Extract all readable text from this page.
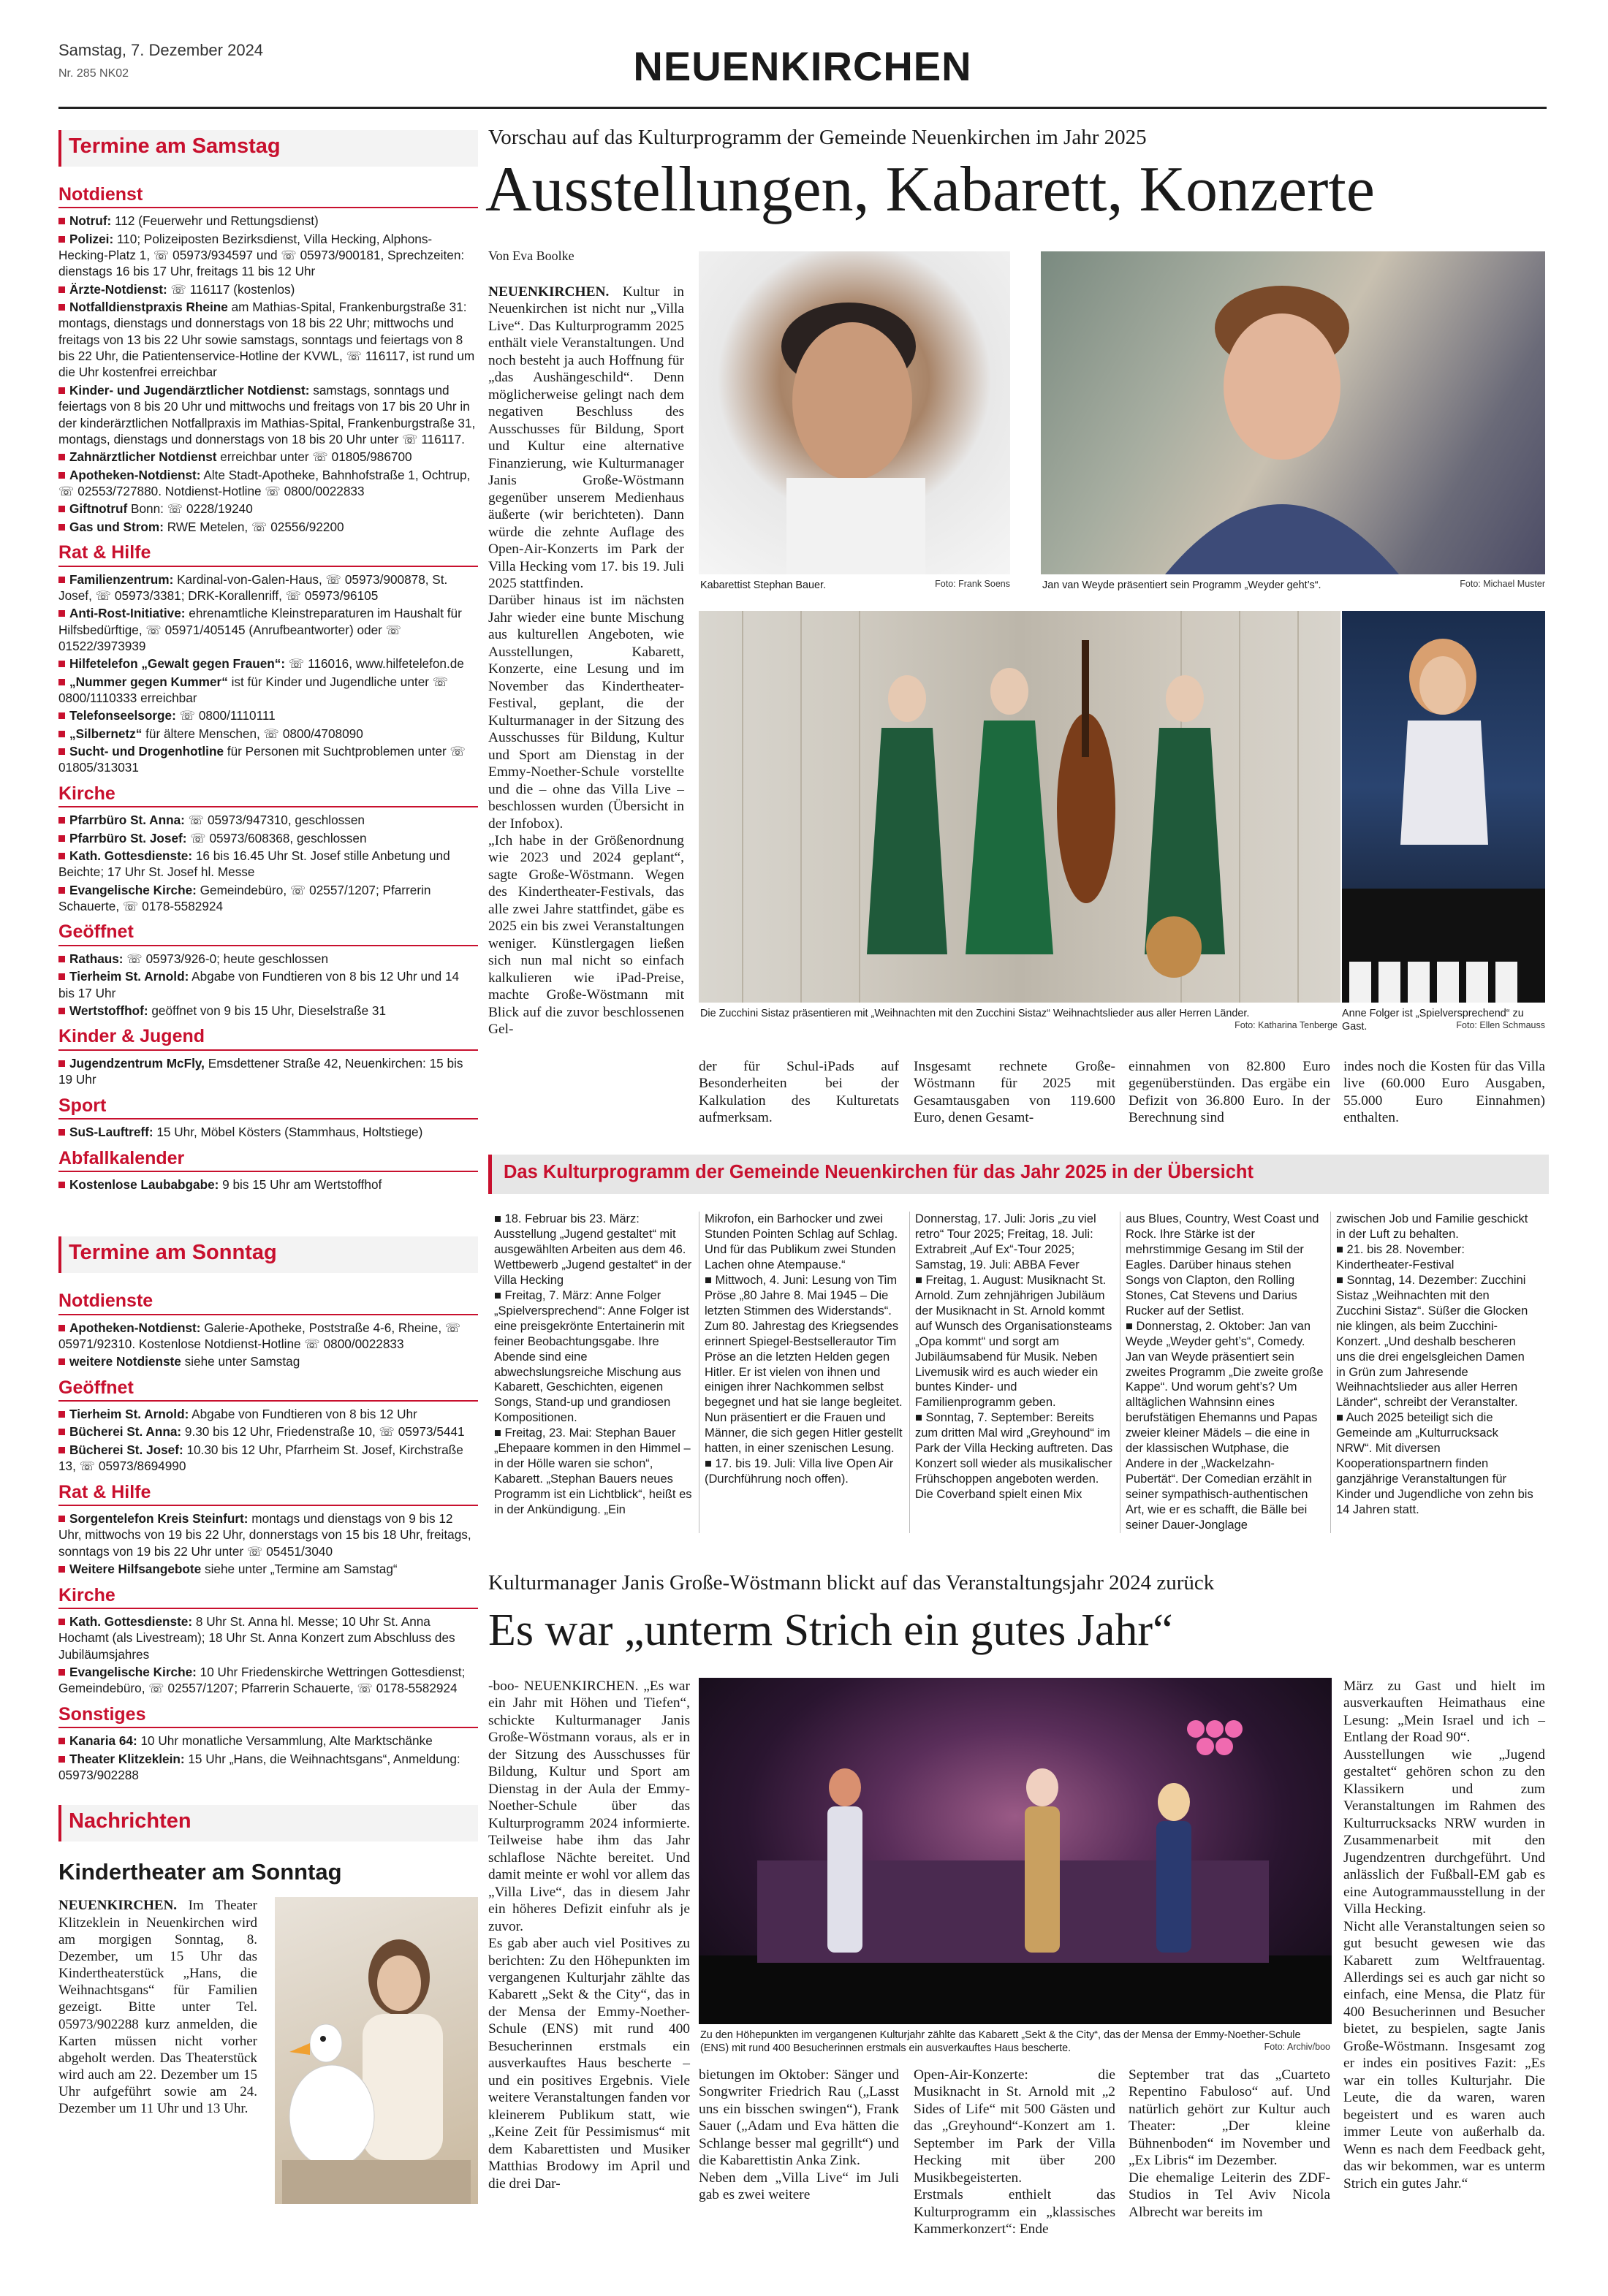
Samstag, 7. Dezember 2024
Nr. 285 NK02	NEUENKIRCHEN
Termine am Samstag
Notdienst
Notruf: 112 (Feuerwehr und Rettungsdienst)
Polizei: 110; Polizeiposten Bezirksdienst, Villa Hecking, Alphons-Hecking-Platz 1, ☏ 05973/934597 und ☏ 05973/900181, Sprechzeiten: dienstags 16 bis 17 Uhr, freitags 11 bis 12 Uhr
Ärzte-Notdienst: ☏ 116117 (kostenlos)
Notfalldienstpraxis Rheine am Mathias-Spital, Frankenburgstraße 31: montags, dienstags und donnerstags von 18 bis 22 Uhr; mittwochs und freitags von 13 bis 22 Uhr sowie samstags, sonntags und feiertags von 8 bis 22 Uhr, die Patientenservice-Hotline der KVWL, ☏ 116117, ist rund um die Uhr kostenfrei erreichbar
Kinder- und Jugendärztlicher Notdienst: samstags, sonntags und feiertags von 8 bis 20 Uhr und mittwochs und freitags von 17 bis 20 Uhr in der kinderärztlichen Notfallpraxis im Mathias-Spital, Frankenburgstraße 31, montags, dienstags und donnerstags von 18 bis 20 Uhr unter ☏ 116117.
Zahnärztlicher Notdienst erreichbar unter ☏ 01805/986700
Apotheken-Notdienst: Alte Stadt-Apotheke, Bahnhofstraße 1, Ochtrup, ☏ 02553/727880. Notdienst-Hotline ☏ 0800/0022833
Giftnotruf Bonn: ☏ 0228/19240
Gas und Strom: RWE Metelen, ☏ 02556/92200
Rat & Hilfe
Familienzentrum: Kardinal-von-Galen-Haus, ☏ 05973/900878, St. Josef, ☏ 05973/3381; DRK-Korallenriff, ☏ 05973/96105
Anti-Rost-Initiative: ehrenamtliche Kleinstreparaturen im Haushalt für Hilfsbedürftige, ☏ 05971/405145 (Anrufbeantworter) oder ☏ 01522/3973939
Hilfetelefon „Gewalt gegen Frauen“: ☏ 116016, www.hilfetelefon.de
„Nummer gegen Kummer“ ist für Kinder und Jugendliche unter ☏ 0800/1110333 erreichbar
Telefonseelsorge: ☏ 0800/1110111
„Silbernetz“ für ältere Menschen, ☏ 0800/4708090
Sucht- und Drogenhotline für Personen mit Suchtproblemen unter ☏ 01805/313031
Kirche
Pfarrbüro St. Anna: ☏ 05973/947310, geschlossen
Pfarrbüro St. Josef: ☏ 05973/608368, geschlossen
Kath. Gottesdienste: 16 bis 16.45 Uhr St. Josef stille Anbetung und Beichte; 17 Uhr St. Josef hl. Messe
Evangelische Kirche: Gemeindebüro, ☏ 02557/1207; Pfarrerin Schauerte, ☏ 0178-5582924
Geöffnet
Rathaus: ☏ 05973/926-0; heute geschlossen
Tierheim St. Arnold: Abgabe von Fundtieren von 8 bis 12 Uhr und 14 bis 17 Uhr
Wertstoffhof: geöffnet von 9 bis 15 Uhr, Dieselstraße 31
Kinder & Jugend
Jugendzentrum McFly, Emsdettener Straße 42, Neuenkirchen: 15 bis 19 Uhr
Sport
SuS-Lauftreff: 15 Uhr, Möbel Kösters (Stammhaus, Holtstiege)
Abfallkalender
Kostenlose Laubabgabe: 9 bis 15 Uhr am Wertstoffhof
Termine am Sonntag
Notdienste
Apotheken-Notdienst: Galerie-Apotheke, Poststraße 4-6, Rheine, ☏ 05971/92310. Kostenlose Notdienst-Hotline ☏ 0800/0022833
weitere Notdienste siehe unter Samstag
Geöffnet
Tierheim St. Arnold: Abgabe von Fundtieren von 8 bis 12 Uhr
Bücherei St. Anna: 9.30 bis 12 Uhr, Friedenstraße 10, ☏ 05973/5441
Bücherei St. Josef: 10.30 bis 12 Uhr, Pfarrheim St. Josef, Kirchstraße 13, ☏ 05973/8694990
Rat & Hilfe
Sorgentelefon Kreis Steinfurt: montags und dienstags von 9 bis 12 Uhr, mittwochs von 19 bis 22 Uhr, donnerstags von 15 bis 18 Uhr, freitags, sonntags von 19 bis 22 Uhr unter ☏ 05451/3040
Weitere Hilfsangebote siehe unter „Termine am Samstag“
Kirche
Kath. Gottesdienste: 8 Uhr St. Anna hl. Messe; 10 Uhr St. Anna Hochamt (als Livestream); 18 Uhr St. Anna Konzert zum Abschluss des Jubiläumsjahres
Evangelische Kirche: 10 Uhr Friedenskirche Wettringen Gottesdienst; Gemeindebüro, ☏ 02557/1207; Pfarrerin Schauerte, ☏ 0178-5582924
Sonstiges
Kanaria 64: 10 Uhr monatliche Versammlung, Alte Marktschänke
Theater Klitzeklein: 15 Uhr „Hans, die Weihnachtsgans“, Anmeldung: 05973/902288
Nachrichten
Kindertheater am Sonntag
NEUENKIRCHEN. Im Theater Klitzeklein in Neuenkirchen wird am morgigen Sonntag, 8. Dezember, um 15 Uhr das Kindertheaterstück „Hans, die Weihnachtsgans“ für Familien gezeigt. Bitte unter Tel. 05973/902288 kurz anmelden, die Karten müssen nicht vorher abgeholt werden. Das Theaterstück wird auch am 22. Dezember um 15 Uhr aufgeführt sowie am 24. Dezember um 11 Uhr und 13 Uhr.
Vorschau auf das Kulturprogramm der Gemeinde Neuenkirchen im Jahr 2025
Ausstellungen, Kabarett, Konzerte
Von Eva Boolke
NEUENKIRCHEN. Kultur in Neuenkirchen ist nicht nur „Villa Live“. Das Kulturprogramm 2025 enthält viele Veranstaltungen. Und noch besteht ja auch Hoffnung für „das Aushängeschild“. Denn möglicherweise gelingt nach dem negativen Beschluss des Ausschusses für Bildung, Sport und Kultur eine alternative Finanzierung, wie Kulturmanager Janis Große-Wöstmann gegenüber unserem Medienhaus äußerte (wir berichteten). Dann würde die zehnte Auflage des Open-Air-Konzerts im Park der Villa Hecking vom 17. bis 19. Juli 2025 stattfinden.
Darüber hinaus ist im nächsten Jahr wieder eine bunte Mischung aus kulturellen Angeboten, wie Ausstellungen, Kabarett, Konzerte, eine Lesung und im November das Kindertheater-Festival, geplant, die der Kulturmanager in der Sitzung des Ausschusses für Bildung, Kultur und Sport am Dienstag in der Emmy-Noether-Schule vorstellte und die – ohne das Villa Live – beschlossen wurden (Übersicht in der Infobox).
„Ich habe in der Größenordnung wie 2023 und 2024 geplant“, sagte Große-Wöstmann. Wegen des Kindertheater-Festivals, das alle zwei Jahre stattfindet, gäbe es 2025 ein bis zwei Veranstaltungen weniger. Künstlergagen ließen sich nun mal nicht so einfach kalkulieren wie iPad-Preise, machte Große-Wöstmann mit Blick auf die zuvor beschlossenen Gel-
Foto: Frank Soens
Kabarettist Stephan Bauer.	Foto: Michael Muster
Jan van Weyde präsentiert sein Programm „Weyder geht’s“.
Die Zucchini Sistaz präsentieren mit „Weihnachten mit den Zucchini Sistaz“ Weihnachtslieder aus aller Herren Länder.
Foto: Katharina Tenberge
Anne Folger ist „Spielversprechend“ zu Gast.	Foto: Ellen Schmauss
der für Schul-iPads auf Besonderheiten bei der Kalkulation des Kulturetats aufmerksam.
Insgesamt rechnete Große-Wöstmann für 2025 mit Gesamtausgaben von 119.600 Euro, denen Gesamt-
einnahmen von 82.800 Euro gegenüberstünden. Das ergäbe ein Defizit von 36.800 Euro. In der Berechnung sind
indes noch die Kosten für das Villa live (60.000 Euro Ausgaben, 55.000 Euro Einnahmen) enthalten.
Das Kulturprogramm der Gemeinde Neuenkirchen für das Jahr 2025 in der Übersicht
■ 18. Februar bis 23. März: Ausstellung „Jugend gestaltet“ mit ausgewählten Arbeiten aus dem 46. Wettbewerb „Jugend gestaltet“ in der Villa Hecking
■ Freitag, 7. März: Anne Folger „Spielversprechend“: Anne Folger ist eine preisgekrönte Entertainerin mit feiner Beobachtungsgabe. Ihre Abende sind eine abwechslungsreiche Mischung aus Kabarett, Geschichten, eigenen Songs, Stand-up und grandiosen Kompositionen.
■ Freitag, 23. Mai: Stephan Bauer „Ehepaare kommen in den Himmel – in der Hölle waren sie schon“, Kabarett. „Stephan Bauers neues Programm ist ein Lichtblick“, heißt es in der Ankündigung. „Ein
Mikrofon, ein Barhocker und zwei Stunden Pointen Schlag auf Schlag. Und für das Publikum zwei Stunden Lachen ohne Atempause.“
■ Mittwoch, 4. Juni: Lesung von Tim Pröse „80 Jahre 8. Mai 1945 – Die letzten Stimmen des Widerstands“. Zum 80. Jahrestag des Kriegsendes erinnert Spiegel-Bestsellerautor Tim Pröse an die letzten Helden gegen Hitler. Er ist vielen von ihnen und einigen ihrer Nachkommen selbst begegnet und hat sie lange begleitet. Nun präsentiert er die Frauen und Männer, die sich gegen Hitler gestellt hatten, in einer szenischen Lesung.
■ 17. bis 19. Juli: Villa live Open Air (Durchführung noch offen).
Donnerstag, 17. Juli: Joris „zu viel retro“ Tour 2025; Freitag, 18. Juli: Extrabreit „Auf Ex“-Tour 2025; Samstag, 19. Juli: ABBA Fever
■ Freitag, 1. August: Musiknacht St. Arnold. Zum zehnjährigen Jubiläum der Musiknacht in St. Arnold kommt auf Wunsch des Organisationsteams „Opa kommt“ und sorgt am Jubiläumsabend für Musik. Neben Livemusik wird es auch wieder ein buntes Kinder- und Familienprogramm geben.
■ Sonntag, 7. September: Bereits zum dritten Mal wird „Greyhound“ im Park der Villa Hecking auftreten. Das Konzert soll wieder als musikalischer Frühschoppen angeboten werden. Die Coverband spielt einen Mix
aus Blues, Country, West Coast und Rock. Ihre Stärke ist der mehrstimmige Gesang im Stil der Eagles. Darüber hinaus stehen Songs von Clapton, den Rolling Stones, Cat Stevens und Darius Rucker auf der Setlist.
■ Donnerstag, 2. Oktober: Jan van Weyde „Weyder geht’s“, Comedy. Jan van Weyde präsentiert sein zweites Programm „Die zweite große Kappe“. Und worum geht’s? Um alltäglichen Wahnsinn eines berufstätigen Ehemanns und Papas zweier kleiner Mädels – die eine in der klassischen Wutphase, die Andere in der „Wackelzahn-Pubertät“. Der Comedian erzählt in seiner sympathisch-authentischen Art, wie er es schafft, die Bälle bei seiner Dauer-Jonglage
zwischen Job und Familie geschickt in der Luft zu behalten.
■ 21. bis 28. November: Kindertheater-Festival
■ Sonntag, 14. Dezember: Zucchini Sistaz „Weihnachten mit den Zucchini Sistaz“. Süßer die Glocken nie klingen, als beim Zucchini-Konzert. „Und deshalb bescheren uns die drei engelsgleichen Damen in Grün zum Jahresende Weihnachtslieder aus aller Herren Länder“, schreibt der Veranstalter.
■ Auch 2025 beteiligt sich die Gemeinde am „Kulturrucksack NRW“. Mit diversen Kooperationspartnern finden ganzjährige Veranstaltungen für Kinder und Jugendliche von zehn bis 14 Jahren statt.
Kulturmanager Janis Große-Wöstmann blickt auf das Veranstaltungsjahr 2024 zurück
Es war „unterm Strich ein gutes Jahr“
-boo- NEUENKIRCHEN. „Es war ein Jahr mit Höhen und Tiefen“, schickte Kulturmanager Janis Große-Wöstmann voraus, als er in der Sitzung des Ausschusses für Bildung, Kultur und Sport am Dienstag in der Aula der Emmy-Noether-Schule über das Kulturprogramm 2024 informierte. Teilweise habe ihm das Jahr schlaflose Nächte bereitet. Und damit meinte er wohl vor allem das „Villa Live“, das in diesem Jahr ein höheres Defizit einfuhr als je zuvor.
Es gab aber auch viel Positives zu berichten: Zu den Höhepunkten im vergangenen Kulturjahr zählte das Kabarett „Sekt & the City“, das in der Mensa der Emmy-Noether-Schule (ENS) mit rund 400 Besucherinnen erstmals ein ausverkauftes Haus bescherte – und ein positives Ergebnis. Viele weitere Veranstaltungen fanden vor kleinerem Publikum statt, wie „Keine Zeit für Pessimismus“ mit dem Kabarettisten und Musiker Matthias Brodowy im April und die drei Dar-
Zu den Höhepunkten im vergangenen Kulturjahr zählte das Kabarett „Sekt & the City“, das der Mensa der Emmy-Noether-Schule (ENS) mit rund 400 Besucherinnen erstmals ein ausverkauftes Haus bescherte.	Foto: Archiv/boo
bietungen im Oktober: Sänger und Songwriter Friedrich Rau („Lasst uns ein bisschen swingen“), Frank Sauer („Adam und Eva hätten die Schlange besser mal gegrillt“) und die Kabarettistin Anka Zink.
Neben dem „Villa Live“ im Juli gab es zwei weitere
Open-Air-Konzerte: die Musiknacht in St. Arnold mit „2 Sides of Life“ mit 500 Gästen und das „Greyhound“-Konzert am 1. September im Park der Villa Hecking mit über 200 Musikbegeisterten.
Erstmals enthielt das Kulturprogramm ein „klassisches Kammerkonzert“: Ende
September trat das „Cuarteto Repentino Fabuloso“ auf. Und natürlich gehört zur Kultur auch Theater: „Der kleine Bühnenboden“ im November und „Ex Libris“ im Dezember.
Die ehemalige Leiterin des ZDF-Studios in Tel Aviv Nicola Albrecht war bereits im
März zu Gast und hielt im ausverkauften Heimathaus eine Lesung: „Mein Israel und ich – Entlang der Road 90“.
Ausstellungen wie „Jugend gestaltet“ gehören schon zu den Klassikern und zum Veranstaltungen im Rahmen des Kulturrucksacks NRW wurden in Zusammenarbeit mit den Jugendzentren durchgeführt. Und anlässlich der Fußball-EM gab es eine Autogrammausstellung in der Villa Hecking.
Nicht alle Veranstaltungen seien so gut besucht gewesen wie das Kabarett zum Weltfrauentag. Allerdings sei es auch gar nicht so einfach, eine Mensa, die Platz für 400 Besucherinnen und Besucher bietet, zu bespielen, sagte Janis Große-Wöstmann. Insgesamt zog er indes ein positives Fazit: „Es war ein tolles Kulturjahr. Die Leute, die da waren, waren begeistert und es waren auch immer Leute von außerhalb da. Wenn es nach dem Feedback geht, das wir bekommen, war es unterm Strich ein gutes Jahr.“
